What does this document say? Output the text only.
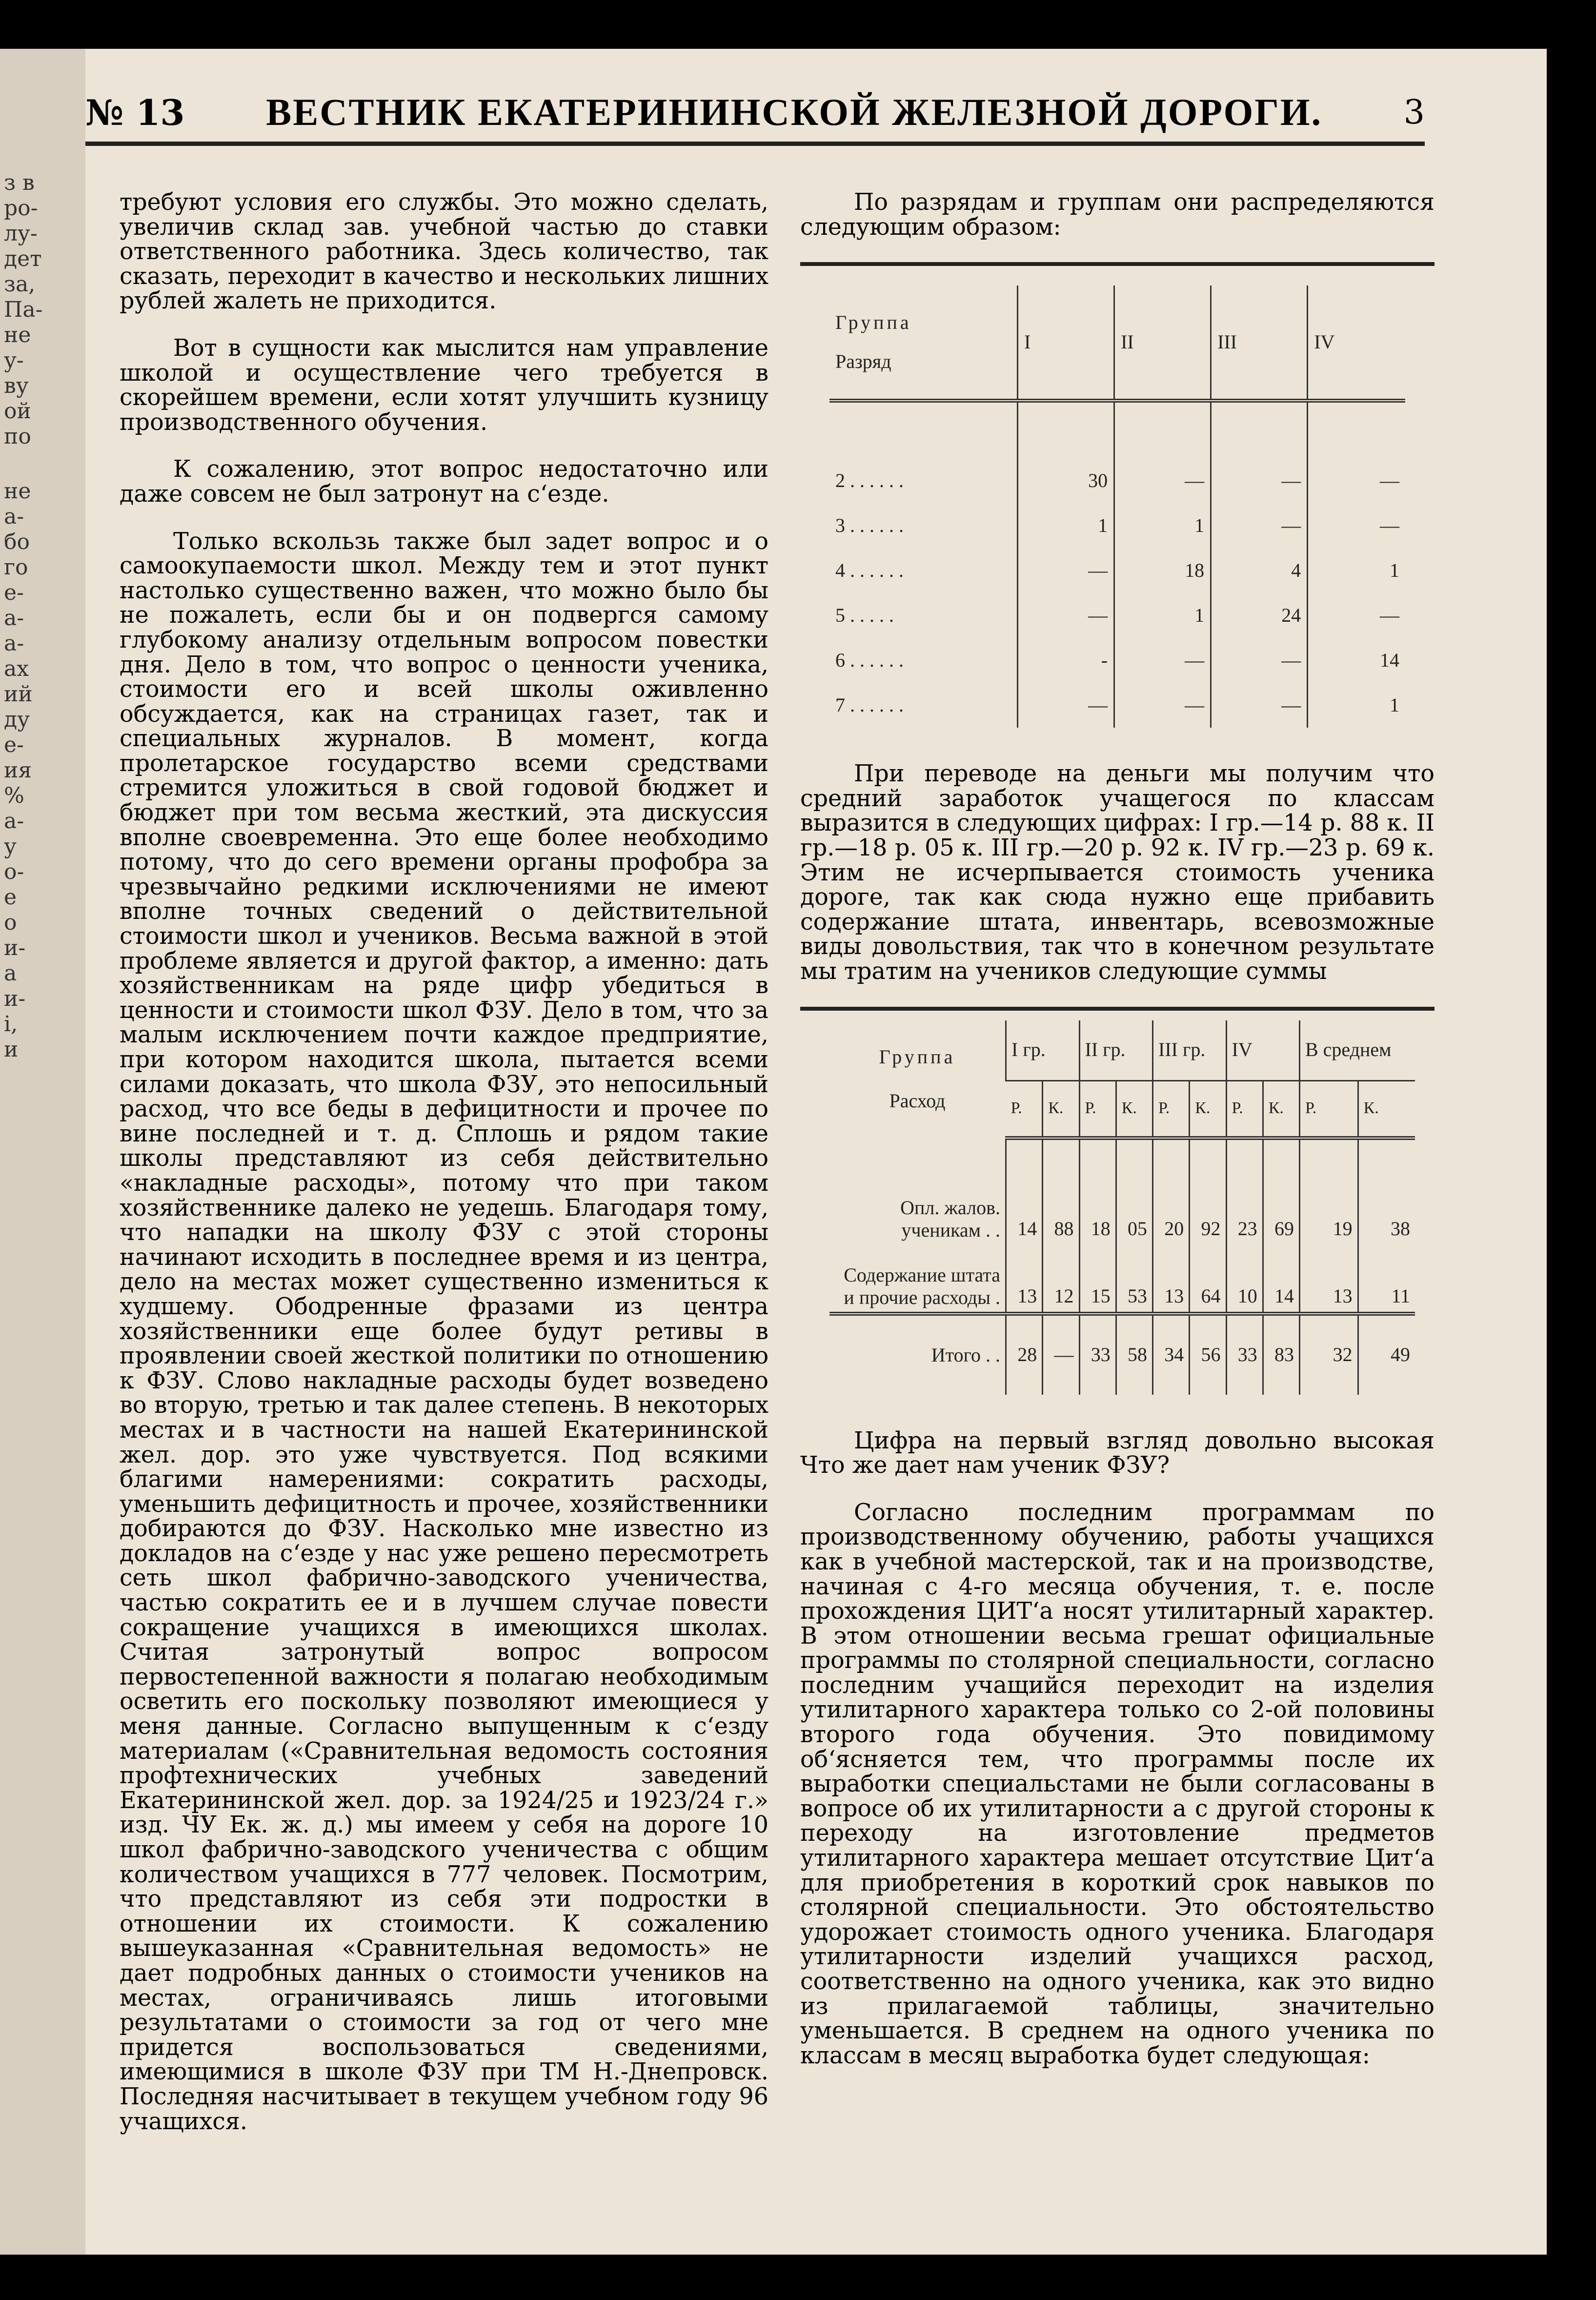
з в
ро-
лу-
дет
за,
Па-
не
у-
ву
ой
по
не
а-
бо
го
е-
а-
а-
ах
ий
ду
е-
ия
%
а-
у
о-
е
о
и-
а
и-
і,
и
№ 13 ВЕСТНИК ЕКАТЕРИНИНСКОЙ ЖЕЛЕЗНОЙ ДОРОГИ. 3

требуют условия его службы. Это можно сделать, увеличив склад зав. учебной частью до ставки ответственного работника. Здесь количество, так сказать, переходит в качество и нескольких лишних рублей жалеть не приходится.

Вот в сущности как мыслится нам управление школой и осуществление чего требуется в скорейшем времени, если хотят улучшить кузницу производственного обучения.

К сожалению, этот вопрос недостаточно или даже совсем не был затронут на с‘езде.

Только вскользь также был задет вопрос и о самоокупаемости школ. Между тем и этот пункт настолько существенно важен, что можно было бы не пожалеть, если бы и он подвергся самому глубокому анализу отдельным вопросом повестки дня. Дело в том, что вопрос о ценности ученика, стоимости его и всей школы оживленно обсуждается, как на страницах газет, так и специальных журналов. В момент, когда пролетарское государство всеми средствами стремится уложиться в свой годовой бюджет и бюджет при том весьма жесткий, эта дискуссия вполне своевременна. Это еще более необходимо потому, что до сего времени органы профобра за чрезвычайно редкими исключениями не имеют вполне точных сведений о действительной стоимости школ и учеников. Весьма важной в этой проблеме является и другой фактор, а именно: дать хозяйственникам на ряде цифр убедиться в ценности и стоимости школ ФЗУ. Дело в том, что за малым исключением почти каждое предприятие, при котором находится школа, пытается всеми силами доказать, что школа ФЗУ, это непосильный расход, что все беды в дефицитности и прочее по вине последней и т. д. Сплошь и рядом такие школы представляют из себя действительно «накладные расходы», потому что при таком хозяйственнике далеко не уедешь. Благодаря тому, что нападки на школу ФЗУ с этой стороны начинают исходить в последнее время и из центра, дело на местах может существенно измениться к худшему. Ободренные фразами из центра хозяйственники еще более будут ретивы в проявлении своей жесткой политики по отношению к ФЗУ. Слово накладные расходы будет возведено во вторую, третью и так далее степень. В некоторых местах и в частности на нашей Екатерининской жел. дор. это уже чувствуется. Под всякими благими намерениями: сократить расходы, уменьшить дефицитность и прочее, хозяйственники добираются до ФЗУ. Насколько мне известно из докладов на с‘езде у нас уже решено пересмотреть сеть школ фабрично-заводского ученичества, частью сократить ее и в лучшем случае повести сокращение учащихся в имеющихся школах. Считая затронутый вопрос вопросом первостепенной важности я полагаю необходимым осветить его поскольку позволяют имеющиеся у меня данные. Согласно выпущенным к с‘езду материалам («Сравнительная ведомость состояния профтехнических учебных заведений Екатерининской жел. дор. за 1924/25 и 1923/24 г.» изд. ЧУ Ек. ж. д.) мы имеем у себя на дороге 10 школ фабрично-заводского ученичества с общим количеством учащихся в 777 человек. Посмотрим, что представляют из себя эти подростки в отношении их стоимости. К сожалению вышеуказанная «Сравнительная ведомость» не дает подробных данных о стоимости учеников на местах, ограничиваясь лишь итоговыми результатами о стоимости за год от чего мне придется воспользоваться сведениями, имеющимися в школе ФЗУ при ТМ Н.-Днепровск. Последняя насчитывает в текущем учебном году 96 учащихся.

По разрядам и группам они распределяются следующим образом:

Группа
Разряд	I	II	III	IV
2 . . . . . .	30	—	—	—
3 . . . . . .	1	1	—	—
4 . . . . . .	—	18	4	1
5 . . . . .	—	1	24	—
6 . . . . . .	-	—	—	14
7 . . . . . .	—	—	—	1

При переводе на деньги мы получим что средний заработок учащегося по классам выразится в следующих цифрах: I гр.—14 р. 88 к. II гр.—18 р. 05 к. III гр.—20 р. 92 к. IV гр.—23 р. 69 к. Этим не исчерпывается стоимость ученика дороге, так как сюда нужно еще прибавить содержание штата, инвентарь, всевозможные виды довольствия, так что в конечном результате мы тратим на учеников следующие суммы

Группа
Расход	I гр.		II гр.		III гр.		IV		В среднем	
	Р.	К.	Р.	К.	Р.	К.	Р.	К.	Р.	К.
Опл. жалов. ученикам . .	14	88	18	05	20	92	23	69	19	38
Содержание штата и прочие расходы .	13	12	15	53	13	64	10	14	13	11
Итого . .	28	—	33	58	34	56	33	83	32	49

Цифра на первый взгляд довольно высокая Что же дает нам ученик ФЗУ?

Согласно последним программам по производственному обучению, работы учащихся как в учебной мастерской, так и на производстве, начиная с 4-го месяца обучения, т. е. после прохождения ЦИТ‘а носят утилитарный характер. В этом отношении весьма грешат официальные программы по столярной специальности, согласно последним учащийся переходит на изделия утилитарного характера только со 2-ой половины второго года обучения. Это повидимому об‘ясняется тем, что программы после их выработки специальстами не были согласованы в вопросе об их утилитарности а с другой стороны к переходу на изготовление предметов утилитарного характера мешает отсутствие Цит‘а для приобретения в короткий срок навыков по столярной специальности. Это обстоятельство удорожает стоимость одного ученика. Благодаря утилитарности изделий учащихся расход, соответственно на одного ученика, как это видно из прилагаемой таблицы, значительно уменьшается. В среднем на одного ученика по классам в месяц выработка будет следующая:
